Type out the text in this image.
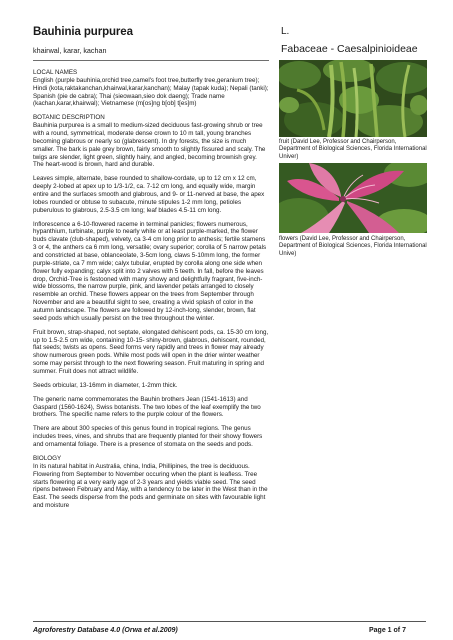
Bauhinia purpurea	L.
khairwal, karar, kachan	Fabaceae - Caesalpinioideae

LOCAL NAMES
English (purple bauhinia,orchid tree,camel's foot tree,butterfly tree,geranium tree); Hindi (kota,raktakanchan,khairwal,karar,kanchan); Malay (tapak kuda); Nepali (tanki); Spanish (pie de cabra); Thai (sieowaan,sieo dok daeng); Trade name (kachan,karar,khairwal); Vietnamese (m[os]ng b[ob] t[es]m)

BOTANIC DESCRIPTION
Bauhinia purpurea is a small to medium-sized deciduous fast-growing shrub or tree with a round, symmetrical, moderate dense crown to 10 m tall, young branches becoming glabrous or nearly so (glabrescent). In dry forests, the size is much smaller. The bark is pale grey brown, fairly smooth to slightly fissured and scaly. The twigs are slender, light green, slightly hairy, and angled, becoming brownish grey. The heart-wood is brown, hard and durable.

Leaves simple, alternate, base rounded to shallow-cordate, up to 12 cm x 12 cm, deeply 2-lobed at apex up to 1/3-1/2, ca. 7-12 cm long, and equally wide, margin entire and the surfaces smooth and glabrous, and 9- or 11-nerved at base, the apex lobes rounded or obtuse to subacute, minute stipules 1-2 mm long, petioles puberulous to glabrous, 2.5-3.5 cm long; leaf blades 4.5-11 cm long.

Inflorescence a 6-10-flowered raceme in terminal panicles; flowers numerous, hypanthium, turbinate, purple to nearly white or at least purple-marked, the flower buds clavate (club-shaped), velvety, ca 3-4 cm long prior to anthesis; fertile stamens 3 or 4, the anthers ca 6 mm long, versatile; ovary superior; corolla of 5 narrow petals and constricted at base, oblanceolate, 3-5cm long, claws 5-10mm long, the former purple-striate, ca 7 mm wide; calyx tubular, erupted by corolla along one side when flower fully expanding; calyx split into 2 valves with 5 teeth. In fall, before the leaves drop, Orchid-Tree is festooned with many showy and delightfully fragrant, five-inch-wide blossoms, the narrow purple, pink, and lavender petals arranged to closely resemble an orchid. These flowers appear on the trees from September through November and are a beautiful sight to see, creating a vivid splash of color in the autumn landscape. The flowers are followed by 12-inch-long, slender, brown, flat seed pods which usually persist on the tree throughout the winter.

Fruit brown, strap-shaped, not septate, elongated dehiscent pods, ca. 15-30 cm long, up to 1.5-2.5 cm wide, containing 10-15- shiny-brown, glabrous, dehiscent, rounded, flat seeds; twists as opens. Seed forms very rapidly and trees in flower may already show numerous green pods. While most pods will open in the drier winter weather some may persist through to the next flowering season. Fruit maturing in spring and summer. Fruit does not attract wildlife.

Seeds orbicular, 13-16mm in diameter, 1-2mm thick.

The generic name commemorates the Bauhin brothers Jean (1541-1613) and Gaspard (1560-1624), Swiss botanists. The two lobes of the leaf exemplify the two brothers. The specific name refers to the purple colour of the flowers.

There are about 300 species of this genus found in tropical regions. The genus includes trees, vines, and shrubs that are frequently planted for their showy flowers and ornamental foliage. There is a presence of stomata on the seeds and pods.

BIOLOGY
In its natural habitat in Australia, china, India, Phillipines, the tree is deciduous. Flowering from September to November occuring when the plant is leafless. Tree starts flowering at a very early age of 2-3 years and yields viable seed. The seed ripens between February and May, with a tendency to be later in the West than in the East. The seeds disperse from the pods and germinate on sites with favourable light and moisture

fruit (David Lee, Professor and Chairperson, Department of Biological Sciences, Florida International Univer)
flowers (David Lee, Professor and Chairperson, Department of Biological Sciences, Florida International Unive)
Agroforestry Database 4.0 (Orwa et al.2009)	Page 1 of 7
